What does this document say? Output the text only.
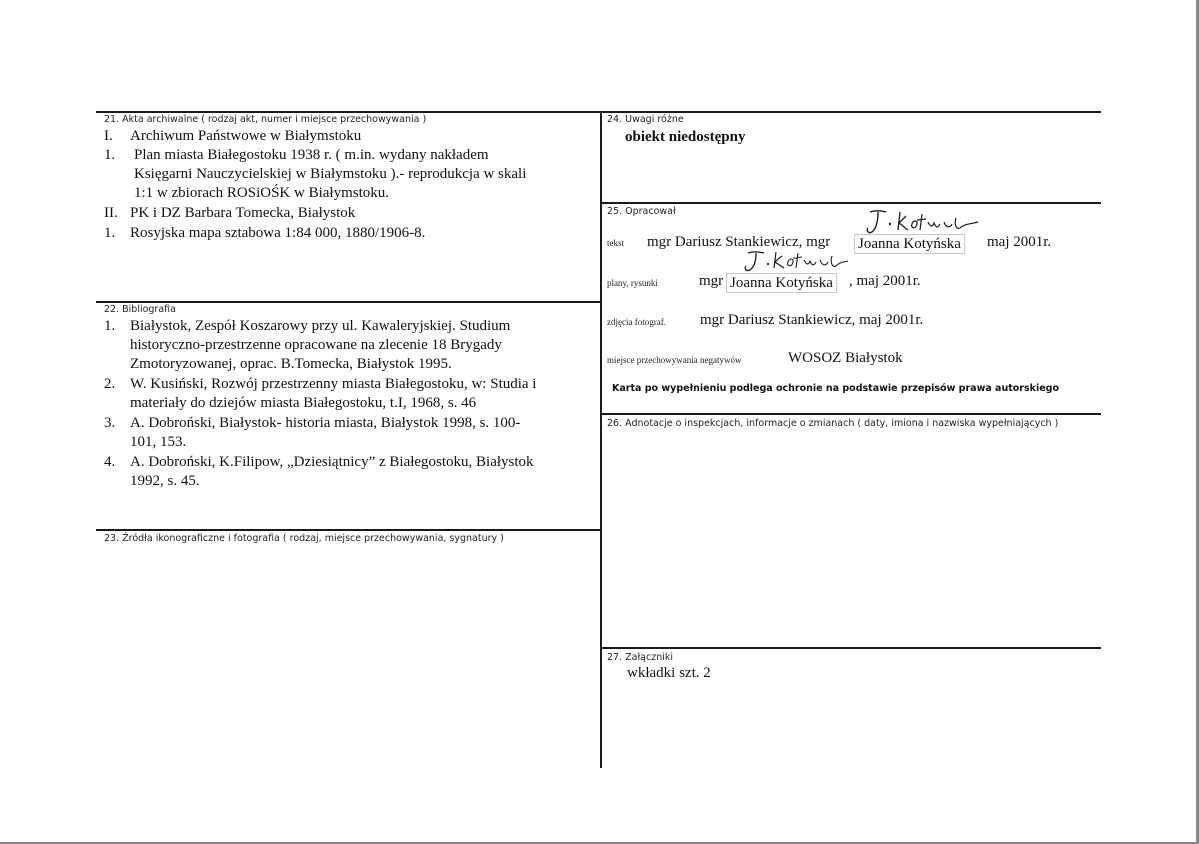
21. Akta archiwalne ( rodzaj akt, numer i miejsce przechowywania )
I.	Archiwum Państwowe w Białymstoku
1.	Plan miasta Białegostoku 1938 r. ( m.in. wydany nakładem
Księgarni Nauczycielskiej w Białymstoku ).- reprodukcja w skali
1:1 w zbiorach ROSiOŚK w Białymstoku.
II. PK i DZ Barbara Tomecka, Białystok
1. Rosyjska mapa sztabowa 1:84 000, 1880/1906-8.
22. Bibliografia
1. Białystok, Zespół Koszarowy przy ul. Kawaleryjskiej. Studium
historyczno-przestrzenne opracowane na zlecenie 18 Brygady
Zmotoryzowanej, oprac. B.Tomecka, Białystok 1995.
2. W. Kusiński, Rozwój przestrzenny miasta Białegostoku, w: Studia i
materiały do dziejów miasta Białegostoku, t.I, 1968, s. 46
3. A. Dobroński, Białystok- historia miasta, Białystok 1998, s. 100-
101, 153.
4. A. Dobroński, K.Filipow, „Dziesiątnicy” z Białegostoku, Białystok
1992, s. 45.
23. Źródła ikonograficzne i fotografia ( rodzaj, miejsce przechowywania, sygnatury )
24. Uwagi różne
obiekt niedostępny
25. Opracował
tekst mgr Dariusz Stankiewicz, mgr Joanna Kotyńska maj 2001r.
plany, rysunki	mgr Joanna Kotyńska , maj 2001r.
zdjęcia fotograf. mgr Dariusz Stankiewicz, maj 2001r.
miejsce przechowywania negatywów	WOSOZ Białystok
Karta po wypełnieniu podlega ochronie na podstawie przepisów prawa autorskiego
26. Adnotacje o inspekcjach, informacje o zmianach ( daty, imiona i nazwiska wypełniających )
27. Załączniki
wkładki szt. 2
